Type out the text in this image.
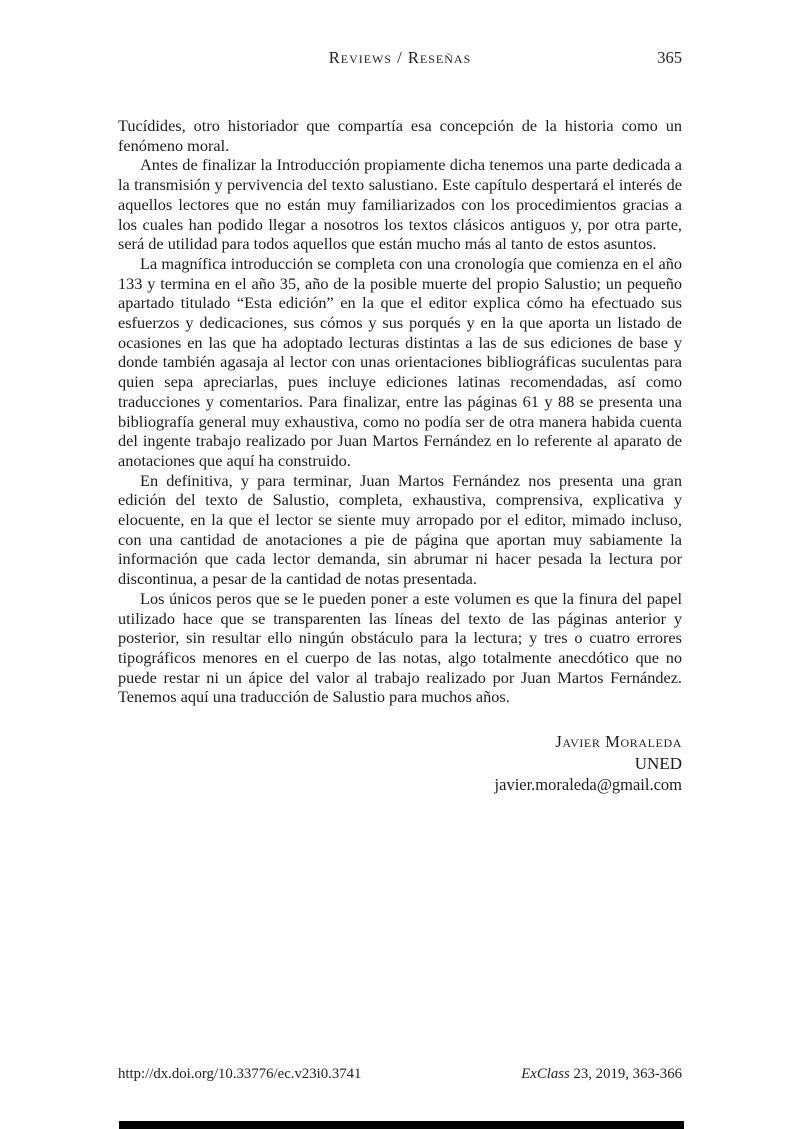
Reviews / Reseñas	365

Tucídides, otro historiador que compartía esa concepción de la historia como un fenómeno moral.

Antes de finalizar la Introducción propiamente dicha tenemos una parte dedicada a la transmisión y pervivencia del texto salustiano. Este capítulo despertará el interés de aquellos lectores que no están muy familiarizados con los procedimientos gracias a los cuales han podido llegar a nosotros los textos clásicos antiguos y, por otra parte, será de utilidad para todos aquellos que están mucho más al tanto de estos asuntos.

La magnífica introducción se completa con una cronología que comienza en el año 133 y termina en el año 35, año de la posible muerte del propio Salustio; un pequeño apartado titulado “Esta edición” en la que el editor explica cómo ha efectuado sus esfuerzos y dedicaciones, sus cómos y sus porqués y en la que aporta un listado de ocasiones en las que ha adoptado lecturas distintas a las de sus ediciones de base y donde también agasaja al lector con unas orientaciones bibliográficas suculentas para quien sepa apreciarlas, pues incluye ediciones latinas recomendadas, así como traducciones y comentarios. Para finalizar, entre las páginas 61 y 88 se presenta una bibliografía general muy exhaustiva, como no podía ser de otra manera habida cuenta del ingente trabajo realizado por Juan Martos Fernández en lo referente al aparato de anotaciones que aquí ha construido.

En definitiva, y para terminar, Juan Martos Fernández nos presenta una gran edición del texto de Salustio, completa, exhaustiva, comprensiva, explicativa y elocuente, en la que el lector se siente muy arropado por el editor, mimado incluso, con una cantidad de anotaciones a pie de página que aportan muy sabiamente la información que cada lector demanda, sin abrumar ni hacer pesada la lectura por discontinua, a pesar de la cantidad de notas presentada.

Los únicos peros que se le pueden poner a este volumen es que la finura del papel utilizado hace que se transparenten las líneas del texto de las páginas anterior y posterior, sin resultar ello ningún obstáculo para la lectura; y tres o cuatro errores tipográficos menores en el cuerpo de las notas, algo totalmente anecdótico que no puede restar ni un ápice del valor al trabajo realizado por Juan Martos Fernández. Tenemos aquí una traducción de Salustio para muchos años.

Javier Moraleda
UNED
javier.moraleda@gmail.com
http://dx.doi.org/10.33776/ec.v23i0.3741	ExClass 23, 2019, 363-366
